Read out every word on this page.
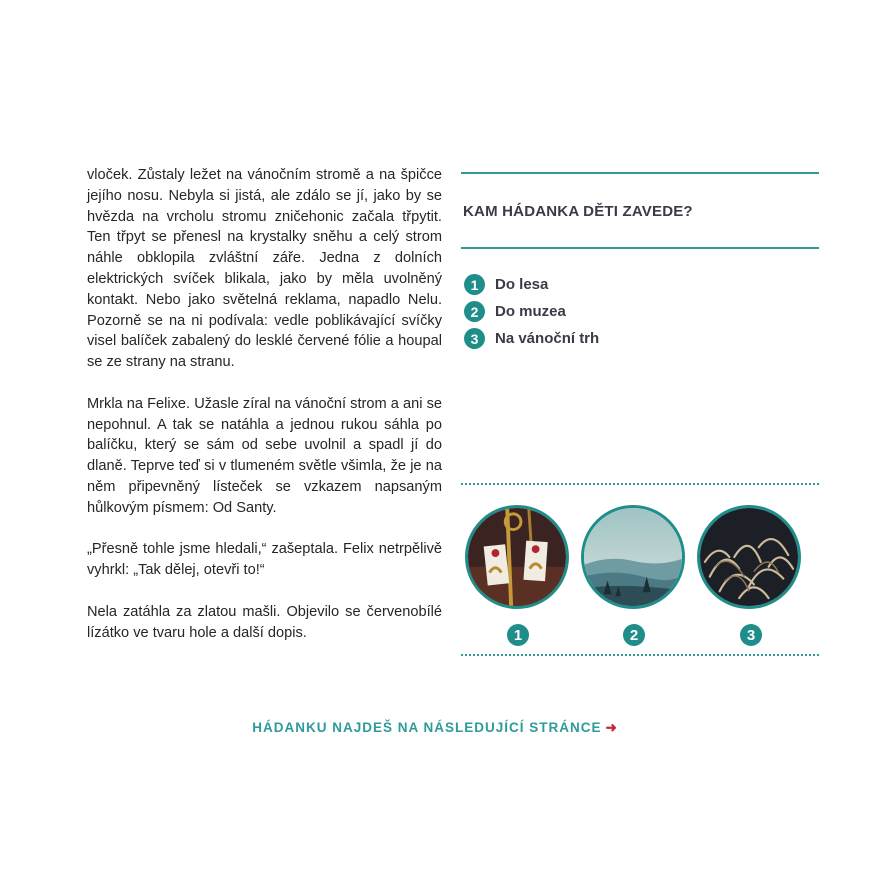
vloček. Zůstaly ležet na vánočním stromě a na špičce jejího nosu. Nebyla si jistá, ale zdálo se jí, jako by se hvězda na vrcholu stromu zničehonic začala třpytit. Ten třpyt se přenesl na krystalky sněhu a celý strom náhle obklopila zvláštní záře. Jedna z dolních elektrických svíček blikala, jako by měla uvolněný kontakt. Nebo jako světelná reklama, napadlo Nelu. Pozorně se na ni podívala: vedle poblikávající svíčky visel balíček zabalený do lesklé červené fólie a houpal se ze strany na stranu.

Mrkla na Felixe. Užasle zíral na vánoční strom a ani se nepohnul. A tak se natáhla a jednou rukou sáhla po balíčku, který se sám od sebe uvolnil a spadl jí do dlaně. Teprve teď si v tlumeném světle všimla, že je na něm připevněný lísteček se vzkazem napsaným hůlkovým písmem: Od Santy.

„Přesně tohle jsme hledali,“ zašeptala. Felix netrpělivě vyhrkl: „Tak dělej, otevři to!“

Nela zatáhla za zlatou mašli. Objevilo se červenobílé lízátko ve tvaru hole a další dopis.

KAM HÁDANKA DĚTI ZAVEDE?
1	Do lesa
2	Do muzea
3	Na vánoční trh
1	2	3
HÁDANKU NAJDEŠ NA NÁSLEDUJÍCÍ STRÁNCE ➜
